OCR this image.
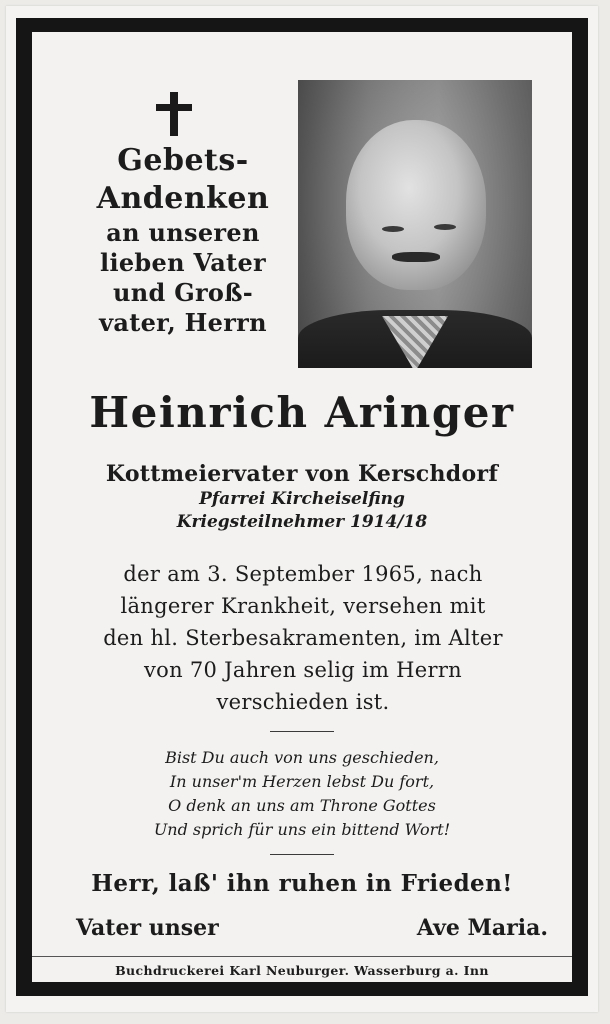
Gebets-
Andenken
an unseren
lieben Vater
und Groß-
vater, Herrn
Heinrich Aringer
Kottmeiervater von Kerschdorf
Pfarrei Kircheiselfing
Kriegsteilnehmer 1914/18
der am 3. September 1965, nach
längerer Krankheit, versehen mit
den hl. Sterbesakramenten, im Alter
von 70 Jahren selig im Herrn
verschieden ist.
Bist Du auch von uns geschieden,
In unser'm Herzen lebst Du fort,
O denk an uns am Throne Gottes
Und sprich für uns ein bittend Wort!
Herr, laß' ihn ruhen in Frieden!
Vater unser	Ave Maria.
Buchdruckerei Karl Neuburger. Wasserburg a. Inn
